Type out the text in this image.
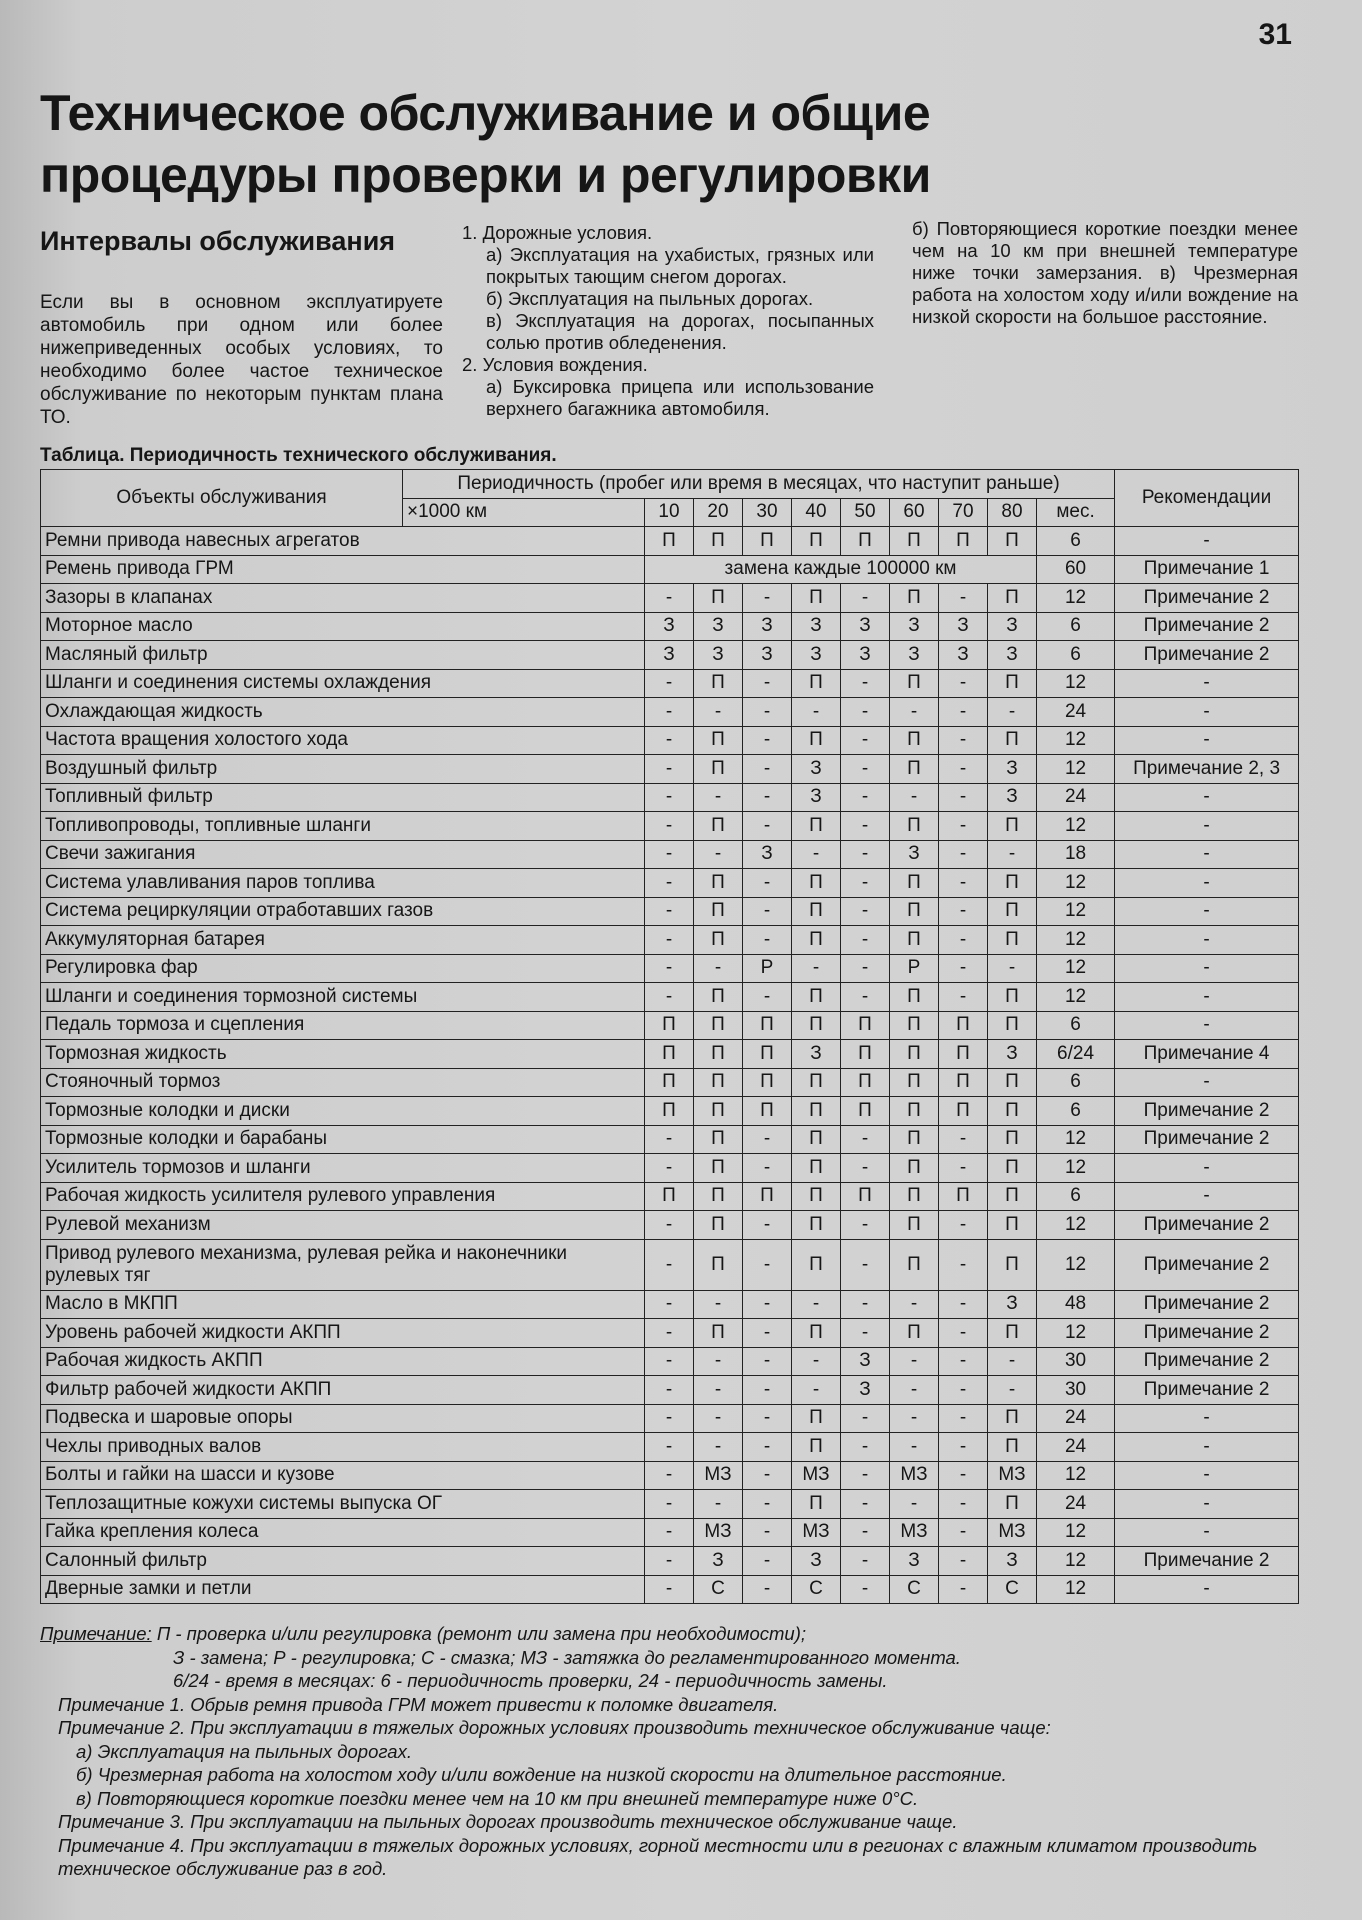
31
Техническое обслуживание и общие процедуры проверки и регулировки
Интервалы обслуживания
Если вы в основном эксплуатируете автомобиль при одном или более нижеприведенных особых условиях, то необходимо более частое техническое обслуживание по некоторым пунктам плана ТО.
1. Дорожные условия.
а) Эксплуатация на ухабистых, грязных или покрытых тающим снегом дорогах.
б) Эксплуатация на пыльных дорогах.
в) Эксплуатация на дорогах, посыпанных солью против обледенения.
2. Условия вождения.
а) Буксировка прицепа или использование верхнего багажника автомобиля.
б) Повторяющиеся короткие поездки менее чем на 10 км при внешней температуре ниже точки замерзания. в) Чрезмерная работа на холостом ходу и/или вождение на низкой скорости на большое расстояние.
Таблица. Периодичность технического обслуживания.
Объекты обслуживания	Периодичность (пробег или время в месяцах, что наступит раньше)										Рекомендации
	×1000 км	10	20	30	40	50	60	70	80	мес.	
Ремни привода навесных агрегатов		П	П	П	П	П	П	П	П	6	-
Ремень привода ГРМ		замена каждые 100000 км								60	Примечание 1
Зазоры в клапанах		-	П	-	П	-	П	-	П	12	Примечание 2
Моторное масло		З	З	З	З	З	З	З	З	6	Примечание 2
Масляный фильтр		З	З	З	З	З	З	З	З	6	Примечание 2
Шланги и соединения системы охлаждения		-	П	-	П	-	П	-	П	12	-
Охлаждающая жидкость		-	-	-	-	-	-	-	-	24	-
Частота вращения холостого хода		-	П	-	П	-	П	-	П	12	-
Воздушный фильтр		-	П	-	З	-	П	-	З	12	Примечание 2, 3
Топливный фильтр		-	-	-	З	-	-	-	З	24	-
Топливопроводы, топливные шланги		-	П	-	П	-	П	-	П	12	-
Свечи зажигания		-	-	З	-	-	З	-	-	18	-
Система улавливания паров топлива		-	П	-	П	-	П	-	П	12	-
Система рециркуляции отработавших газов		-	П	-	П	-	П	-	П	12	-
Аккумуляторная батарея		-	П	-	П	-	П	-	П	12	-
Регулировка фар		-	-	Р	-	-	Р	-	-	12	-
Шланги и соединения тормозной системы		-	П	-	П	-	П	-	П	12	-
Педаль тормоза и сцепления		П	П	П	П	П	П	П	П	6	-
Тормозная жидкость		П	П	П	З	П	П	П	З	6/24	Примечание 4
Стояночный тормоз		П	П	П	П	П	П	П	П	6	-
Тормозные колодки и диски		П	П	П	П	П	П	П	П	6	Примечание 2
Тормозные колодки и барабаны		-	П	-	П	-	П	-	П	12	Примечание 2
Усилитель тормозов и шланги		-	П	-	П	-	П	-	П	12	-
Рабочая жидкость усилителя рулевого управления		П	П	П	П	П	П	П	П	6	-
Рулевой механизм		-	П	-	П	-	П	-	П	12	Примечание 2
Привод рулевого механизма, рулевая рейка и наконечники рулевых тяг		-	П	-	П	-	П	-	П	12	Примечание 2
Масло в МКПП		-	-	-	-	-	-	-	З	48	Примечание 2
Уровень рабочей жидкости АКПП		-	П	-	П	-	П	-	П	12	Примечание 2
Рабочая жидкость АКПП		-	-	-	-	З	-	-	-	30	Примечание 2
Фильтр рабочей жидкости АКПП		-	-	-	-	З	-	-	-	30	Примечание 2
Подвеска и шаровые опоры		-	-	-	П	-	-	-	П	24	-
Чехлы приводных валов		-	-	-	П	-	-	-	П	24	-
Болты и гайки на шасси и кузове		-	МЗ	-	МЗ	-	МЗ	-	МЗ	12	-
Теплозащитные кожухи системы выпуска ОГ		-	-	-	П	-	-	-	П	24	-
Гайка крепления колеса		-	МЗ	-	МЗ	-	МЗ	-	МЗ	12	-
Салонный фильтр		-	З	-	З	-	З	-	З	12	Примечание 2
Дверные замки и петли		-	С	-	С	-	С	-	С	12	-
Примечание: П - проверка и/или регулировка (ремонт или замена при необходимости);
З - замена; Р - регулировка; С - смазка; МЗ - затяжка до регламентированного момента.
6/24 - время в месяцах: 6 - периодичность проверки, 24 - периодичность замены.
Примечание 1. Обрыв ремня привода ГРМ может привести к поломке двигателя.
Примечание 2. При эксплуатации в тяжелых дорожных условиях производить техническое обслуживание чаще:
а) Эксплуатация на пыльных дорогах.
б) Чрезмерная работа на холостом ходу и/или вождение на низкой скорости на длительное расстояние.
в) Повторяющиеся короткие поездки менее чем на 10 км при внешней температуре ниже 0°С.
Примечание 3. При эксплуатации на пыльных дорогах производить техническое обслуживание чаще.
Примечание 4. При эксплуатации в тяжелых дорожных условиях, горной местности или в регионах с влажным климатом производить техническое обслуживание раз в год.
